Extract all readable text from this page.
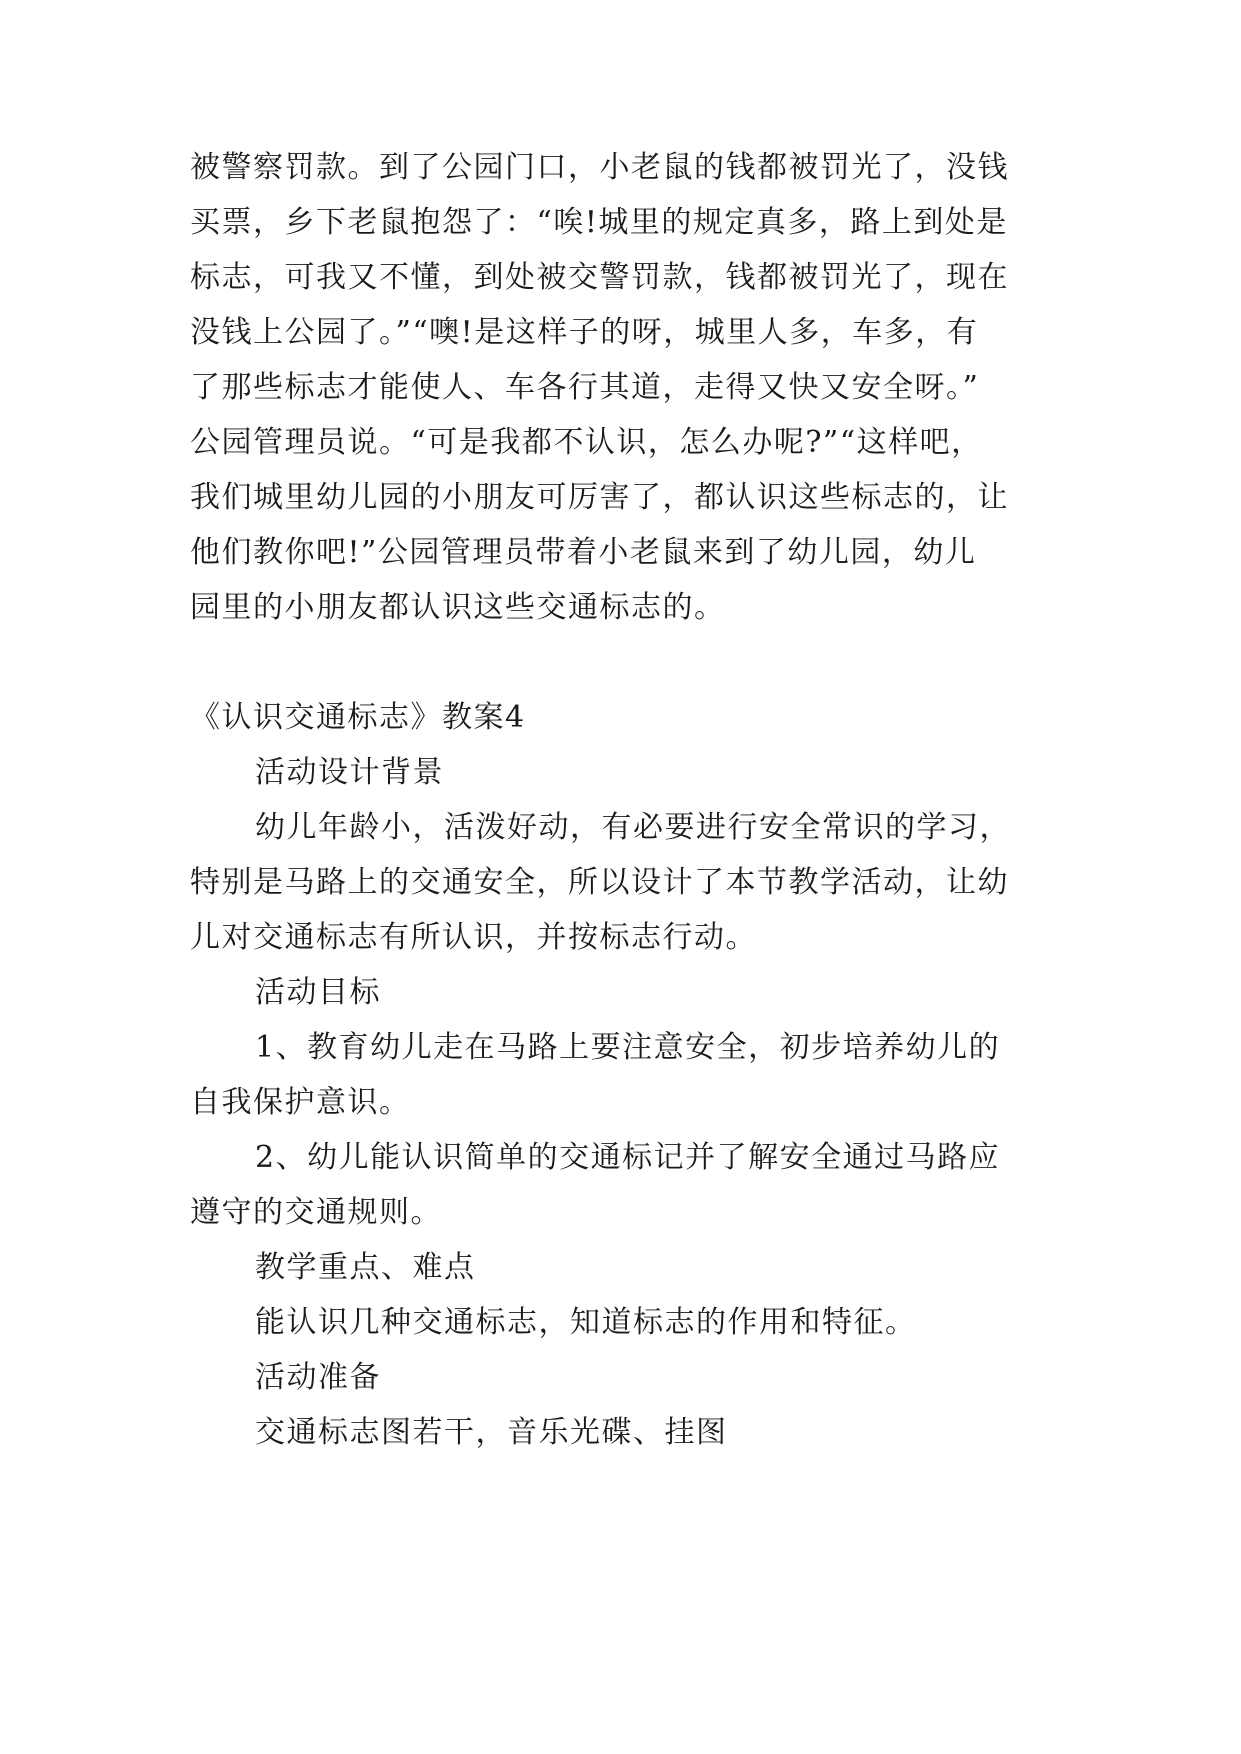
被警察罚款。到了公园门口，小老鼠的钱都被罚光了，没钱
买票，乡下老鼠抱怨了：“唉!城里的规定真多，路上到处是
标志，可我又不懂，到处被交警罚款，钱都被罚光了，现在
没钱上公园了。”“噢!是这样子的呀，城里人多，车多，有
了那些标志才能使人、车各行其道，走得又快又安全呀。”
公园管理员说。“可是我都不认识，怎么办呢?”“这样吧，
我们城里幼儿园的小朋友可厉害了，都认识这些标志的，让
他们教你吧!”公园管理员带着小老鼠来到了幼儿园，幼儿
园里的小朋友都认识这些交通标志的。
《认识交通标志》教案4
活动设计背景
幼儿年龄小，活泼好动，有必要进行安全常识的学习，
特别是马路上的交通安全，所以设计了本节教学活动，让幼
儿对交通标志有所认识，并按标志行动。
活动目标
1、教育幼儿走在马路上要注意安全，初步培养幼儿的
自我保护意识。
2、幼儿能认识简单的交通标记并了解安全通过马路应
遵守的交通规则。
教学重点、难点
能认识几种交通标志，知道标志的作用和特征。
活动准备
交通标志图若干，音乐光碟、挂图
